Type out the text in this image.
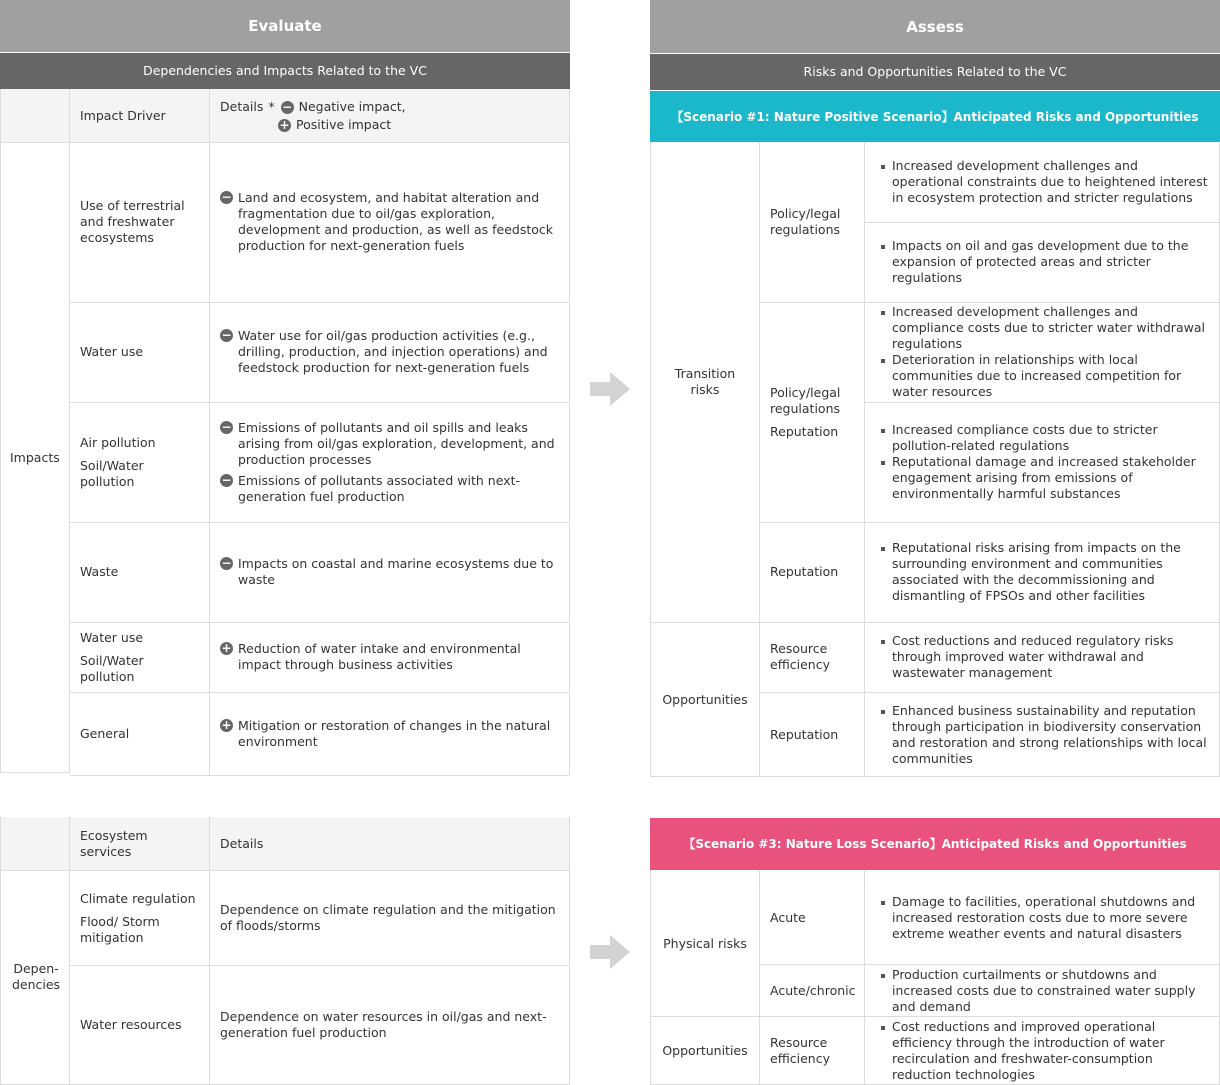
Evaluate
Dependencies and Impacts Related to the VC
Impact Driver
Details * − Negative impact,
+ Positive impact
Impacts
Use of terrestrial and freshwater ecosystems
− Land and ecosystem, and habitat alteration and fragmentation due to oil/gas exploration, development and production, as well as feedstock production for next-generation fuels
Water use
− Water use for oil/gas production activities (e.g., drilling, production, and injection operations) and feedstock production for next-generation fuels
Air pollution
Soil/Water pollution
− Emissions of pollutants and oil spills and leaks arising from oil/gas exploration, development, and production processes
− Emissions of pollutants associated with next-generation fuel production
Waste
− Impacts on coastal and marine ecosystems due to waste
Water use
Soil/Water pollution
+ Reduction of water intake and environmental impact through business activities
General
+ Mitigation or restoration of changes in the natural environment
Ecosystem services
Details
Depen-dencies
Climate regulation
Flood/ Storm mitigation
Dependence on climate regulation and the mitigation of floods/storms
Water resources
Dependence on water resources in oil/gas and next-generation fuel production
Assess
Risks and Opportunities Related to the VC
【Scenario #1: Nature Positive Scenario】Anticipated Risks and Opportunities
Transition risks
Opportunities
Policy/legal regulations
Policy/legal regulations
Reputation
Reputation
Resource efficiency
Reputation
Increased development challenges and operational constraints due to heightened interest in ecosystem protection and stricter regulations
Impacts on oil and gas development due to the expansion of protected areas and stricter regulations
Increased development challenges and compliance costs due to stricter water withdrawal regulations
Deterioration in relationships with local communities due to increased competition for water resources
Increased compliance costs due to stricter pollution-related regulations
Reputational damage and increased stakeholder engagement arising from emissions of environmentally harmful substances
Reputational risks arising from impacts on the surrounding environment and communities associated with the decommissioning and dismantling of FPSOs and other facilities
Cost reductions and reduced regulatory risks through improved water withdrawal and wastewater management
Enhanced business sustainability and reputation through participation in biodiversity conservation and restoration and strong relationships with local communities
【Scenario #3: Nature Loss Scenario】Anticipated Risks and Opportunities
Physical risks
Opportunities
Acute
Acute/chronic
Resource efficiency
Damage to facilities, operational shutdowns and increased restoration costs due to more severe extreme weather events and natural disasters
Production curtailments or shutdowns and increased costs due to constrained water supply and demand
Cost reductions and improved operational efficiency through the introduction of water recirculation and freshwater-consumption reduction technologies
